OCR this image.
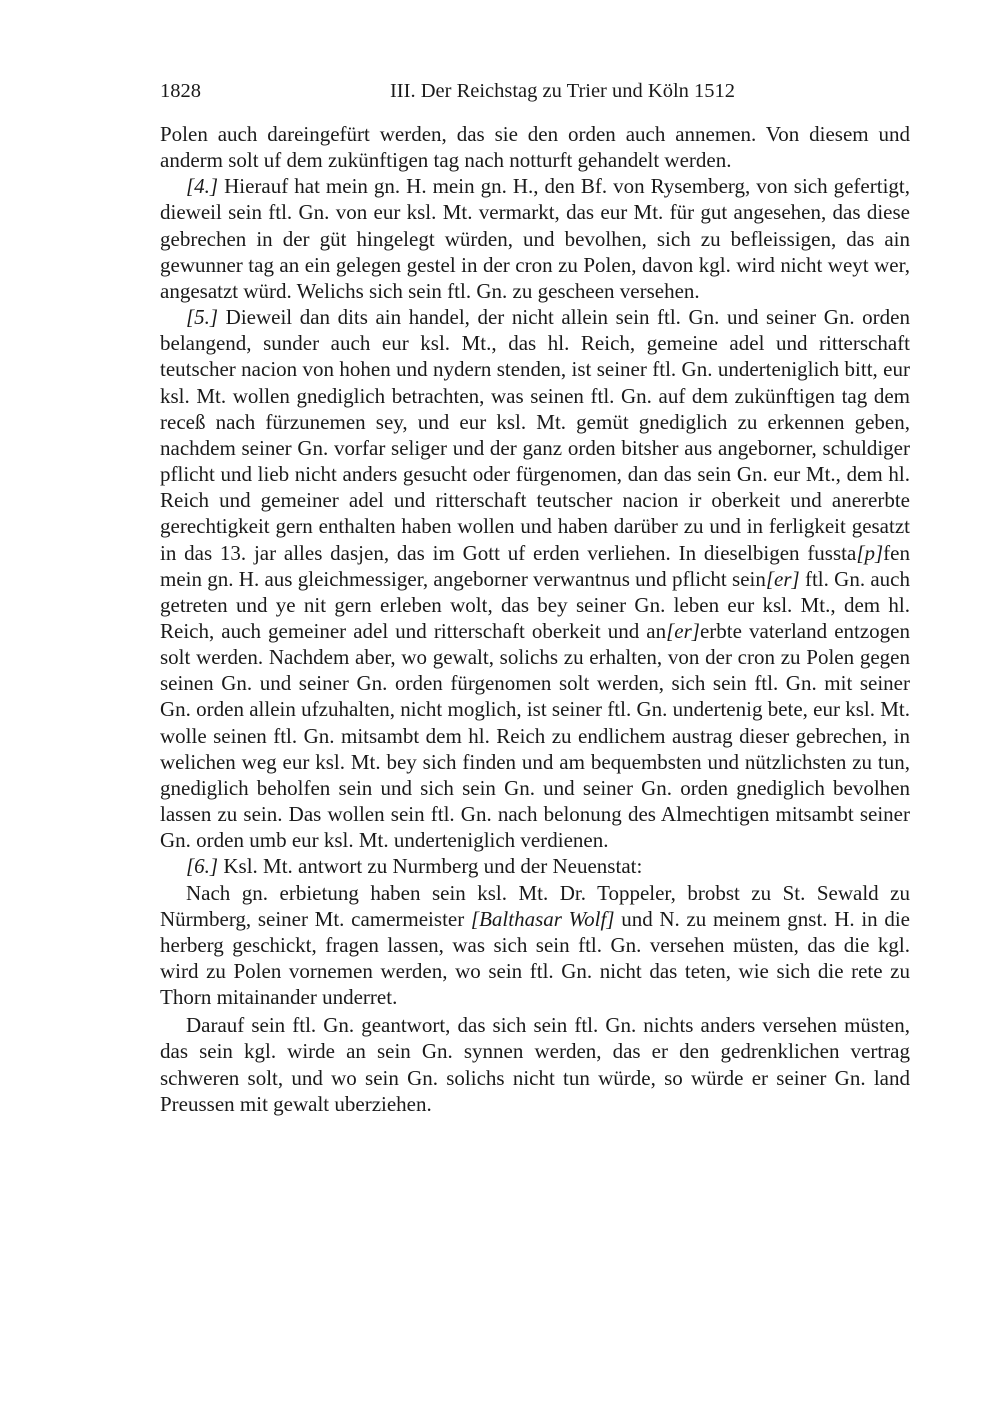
1828	III. Der Reichstag zu Trier und Köln 1512

Polen auch dareingefürt werden, das sie den orden auch annemen. Von diesem und anderm solt uf dem zukünftigen tag nach notturft gehandelt werden.

[4.] Hierauf hat mein gn. H. mein gn. H., den Bf. von Rysemberg, von sich gefertigt, dieweil sein ftl. Gn. von eur ksl. Mt. vermarkt, das eur Mt. für gut angesehen, das diese gebrechen in der güt hingelegt würden, und bevolhen, sich zu befleissigen, das ain gewunner tag an ein gelegen gestel in der cron zu Polen, davon kgl. wird nicht weyt wer, angesatzt würd. Welichs sich sein ftl. Gn. zu gescheen versehen.

[5.] Dieweil dan dits ain handel, der nicht allein sein ftl. Gn. und seiner Gn. orden belangend, sunder auch eur ksl. Mt., das hl. Reich, gemeine adel und ritterschaft teutscher nacion von hohen und nydern stenden, ist seiner ftl. Gn. underteniglich bitt, eur ksl. Mt. wollen gnediglich betrachten, was seinen ftl. Gn. auf dem zukünftigen tag dem receß nach fürzunemen sey, und eur ksl. Mt. gemüt gnediglich zu erkennen geben, nachdem seiner Gn. vorfar seliger und der ganz orden bitsher aus angeborner, schuldiger pflicht und lieb nicht anders gesucht oder fürgenomen, dan das sein Gn. eur Mt., dem hl. Reich und gemeiner adel und ritterschaft teutscher nacion ir oberkeit und anererbte gerechtigkeit gern enthalten haben wollen und haben darüber zu und in ferligkeit gesatzt in das 13. jar alles dasjen, das im Gott uf erden verliehen. In dieselbigen fussta[p]fen mein gn. H. aus gleichmessiger, angeborner verwantnus und pflicht sein[er] ftl. Gn. auch getreten und ye nit gern erleben wolt, das bey seiner Gn. leben eur ksl. Mt., dem hl. Reich, auch gemeiner adel und ritterschaft oberkeit und an[er]erbte vaterland entzogen solt werden. Nachdem aber, wo gewalt, solichs zu erhalten, von der cron zu Polen gegen seinen Gn. und seiner Gn. orden fürgenomen solt werden, sich sein ftl. Gn. mit seiner Gn. orden allein ufzuhalten, nicht moglich, ist seiner ftl. Gn. undertenig bete, eur ksl. Mt. wolle seinen ftl. Gn. mitsambt dem hl. Reich zu endlichem austrag dieser gebrechen, in welichen weg eur ksl. Mt. bey sich finden und am bequembsten und nützlichsten zu tun, gnediglich beholfen sein und sich sein Gn. und seiner Gn. orden gnediglich bevolhen lassen zu sein. Das wollen sein ftl. Gn. nach belonung des Almechtigen mitsambt seiner Gn. orden umb eur ksl. Mt. underteniglich verdienen.

[6.] Ksl. Mt. antwort zu Nurmberg und der Neuenstat:

Nach gn. erbietung haben sein ksl. Mt. Dr. Toppeler, brobst zu St. Sewald zu Nürmberg, seiner Mt. camermeister [Balthasar Wolf] und N. zu meinem gnst. H. in die herberg geschickt, fragen lassen, was sich sein ftl. Gn. versehen müsten, das die kgl. wird zu Polen vornemen werden, wo sein ftl. Gn. nicht das teten, wie sich die rete zu Thorn mitainander underret.

Darauf sein ftl. Gn. geantwort, das sich sein ftl. Gn. nichts anders versehen müsten, das sein kgl. wirde an sein Gn. synnen werden, das er den gedrenklichen vertrag schweren solt, und wo sein Gn. solichs nicht tun würde, so würde er seiner Gn. land Preussen mit gewalt uberziehen.
